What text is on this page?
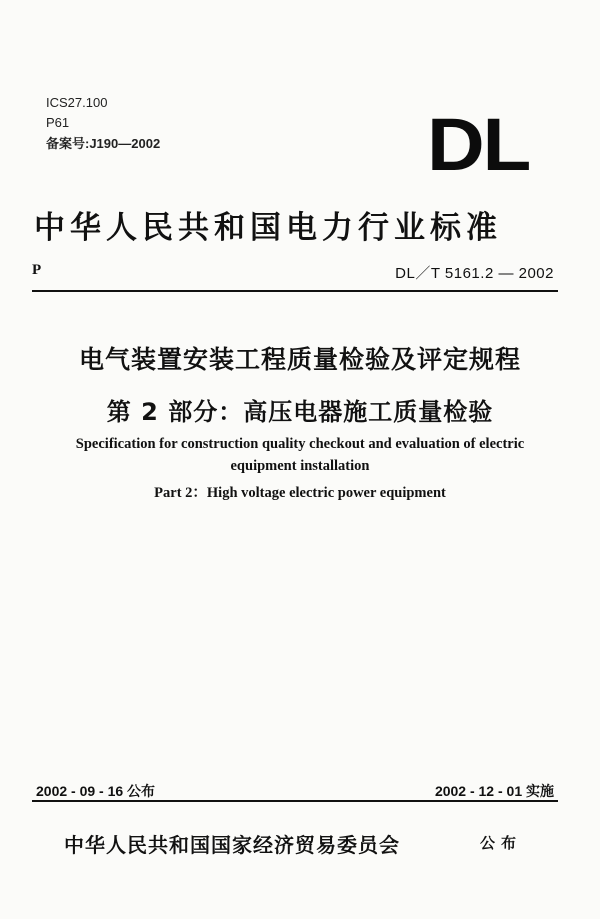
ICS27.100
P61
备案号:J190—2002	DL
中华人民共和国电力行业标准
P	DL／T 5161.2 — 2002
电气装置安装工程质量检验及评定规程
第 2 部分：高压电器施工质量检验
Specification for construction quality checkout and evaluation of electric
equipment installation
Part 2：High voltage electric power equipment
2002 - 09 - 16 公布	2002 - 12 - 01 实施
中华人民共和国国家经济贸易委员会	公布
